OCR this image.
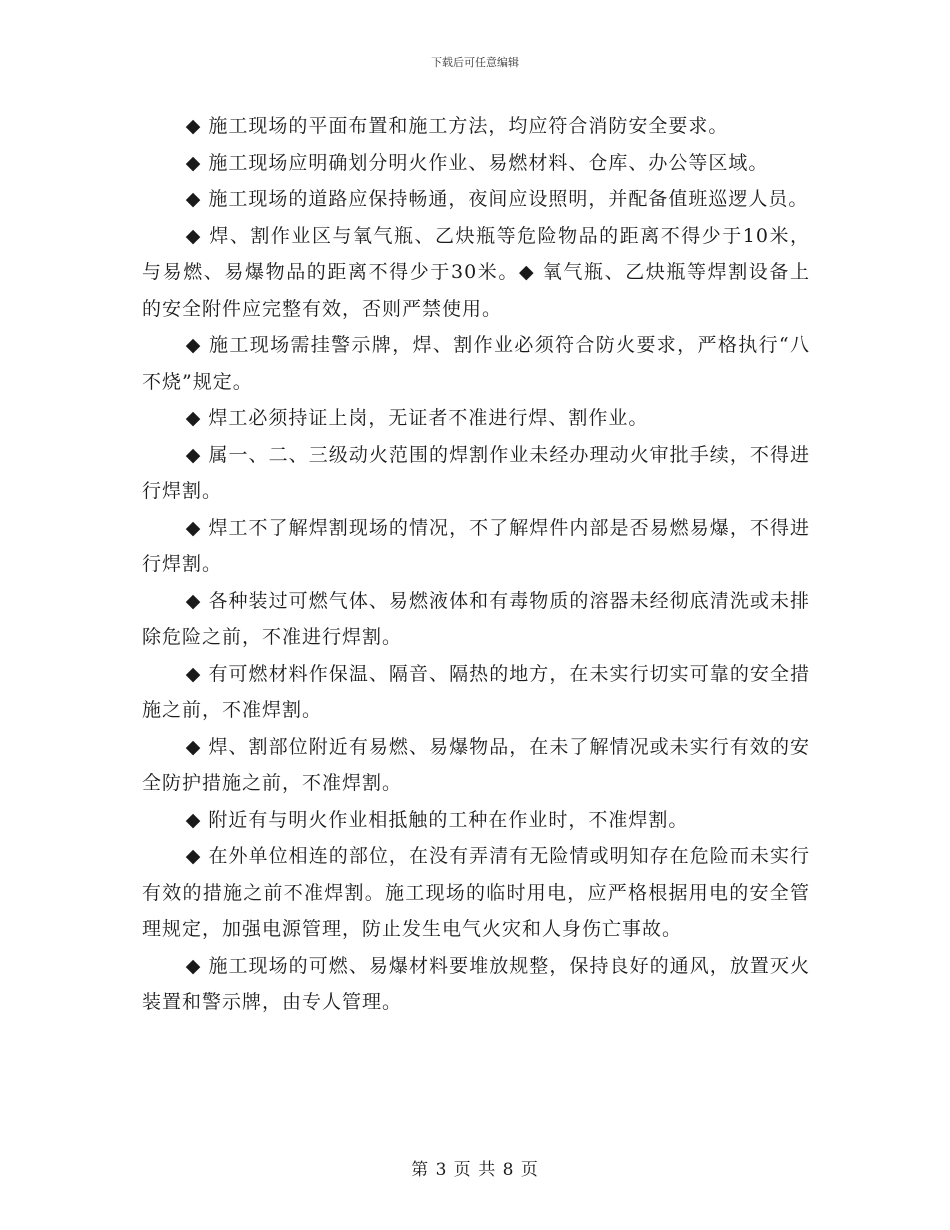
下载后可任意编辑

◆ 施工现场的平面布置和施工方法，均应符合消防安全要求。

◆ 施工现场应明确划分明火作业、易燃材料、仓库、办公等区域。

◆ 施工现场的道路应保持畅通，夜间应设照明，并配备值班巡逻人员。

◆ 焊、割作业区与氧气瓶、乙炔瓶等危险物品的距离不得少于10米，与易燃、易爆物品的距离不得少于30米。◆ 氧气瓶、乙炔瓶等焊割设备上的安全附件应完整有效，否则严禁使用。

◆ 施工现场需挂警示牌，焊、割作业必须符合防火要求，严格执行“八不烧”规定。

◆ 焊工必须持证上岗，无证者不准进行焊、割作业。

◆ 属一、二、三级动火范围的焊割作业未经办理动火审批手续，不得进行焊割。

◆ 焊工不了解焊割现场的情况，不了解焊件内部是否易燃易爆，不得进行焊割。

◆ 各种装过可燃气体、易燃液体和有毒物质的溶器未经彻底清洗或未排除危险之前，不准进行焊割。

◆ 有可燃材料作保温、隔音、隔热的地方，在未实行切实可靠的安全措施之前，不准焊割。

◆ 焊、割部位附近有易燃、易爆物品，在未了解情况或未实行有效的安全防护措施之前，不准焊割。

◆ 附近有与明火作业相抵触的工种在作业时，不准焊割。

◆ 在外单位相连的部位，在没有弄清有无险情或明知存在危险而未实行有效的措施之前不准焊割。施工现场的临时用电，应严格根据用电的安全管理规定，加强电源管理，防止发生电气火灾和人身伤亡事故。

◆ 施工现场的可燃、易爆材料要堆放规整，保持良好的通风，放置灭火装置和警示牌，由专人管理。

第 3 页 共 8 页
